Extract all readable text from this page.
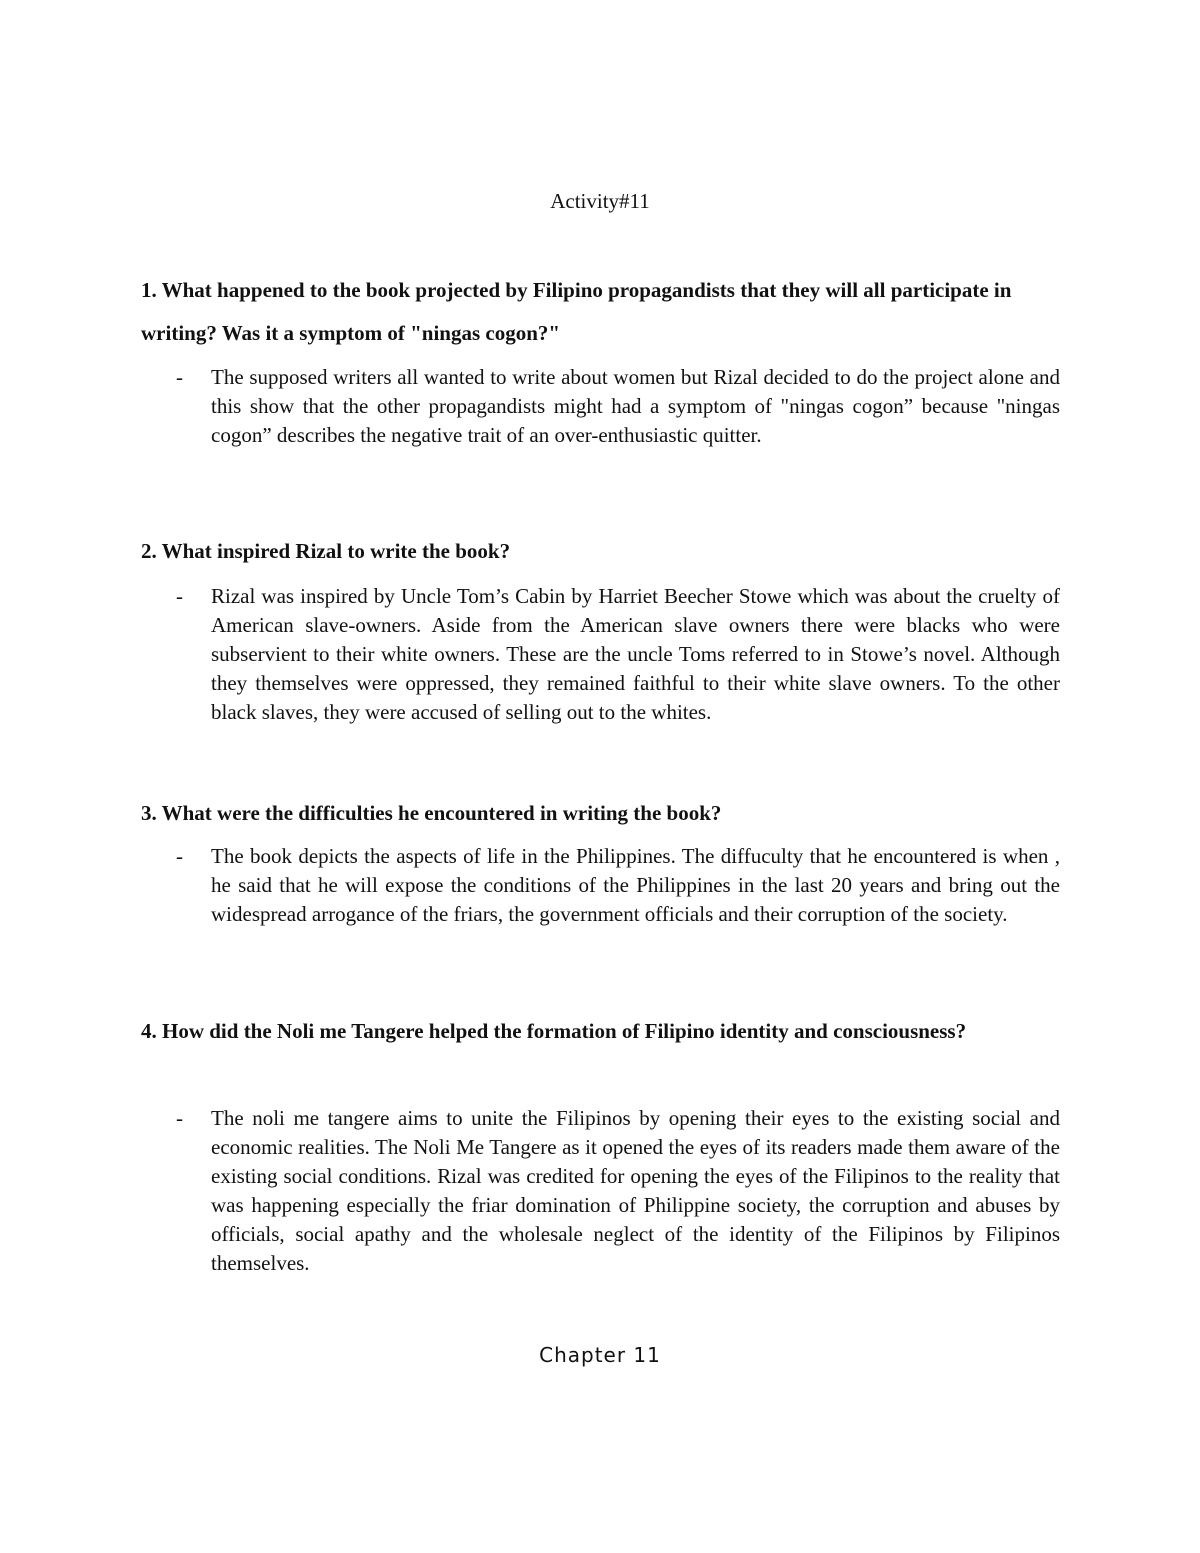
Activity#11
1. What happened to the book projected by Filipino propagandists that they will all participate in writing? Was it a symptom of "ningas cogon?"
- The supposed writers all wanted to write about women but Rizal decided to do the project alone and this show that the other propagandists might had a symptom of "ningas cogon” because "ningas cogon” describes the negative trait of an over-enthusiastic quitter.
2. What inspired Rizal to write the book?
- Rizal was inspired by Uncle Tom’s Cabin by Harriet Beecher Stowe which was about the cruelty of American slave-owners. Aside from the American slave owners there were blacks who were subservient to their white owners. These are the uncle Toms referred to in Stowe’s novel. Although they themselves were oppressed, they remained faithful to their white slave owners. To the other black slaves, they were accused of selling out to the whites.
3. What were the difficulties he encountered in writing the book?
- The book depicts the aspects of life in the Philippines. The diffuculty that he encountered is when , he said that he will expose the conditions of the Philippines in the last 20 years and bring out the widespread arrogance of the friars, the government officials and their corruption of the society.
4. How did the Noli me Tangere helped the formation of Filipino identity and consciousness?
- The noli me tangere aims to unite the Filipinos by opening their eyes to the existing social and economic realities. The Noli Me Tangere as it opened the eyes of its readers made them aware of the existing social conditions. Rizal was credited for opening the eyes of the Filipinos to the reality that was happening especially the friar domination of Philippine society, the corruption and abuses by officials, social apathy and the wholesale neglect of the identity of the Filipinos by Filipinos themselves.
Chapter 11
